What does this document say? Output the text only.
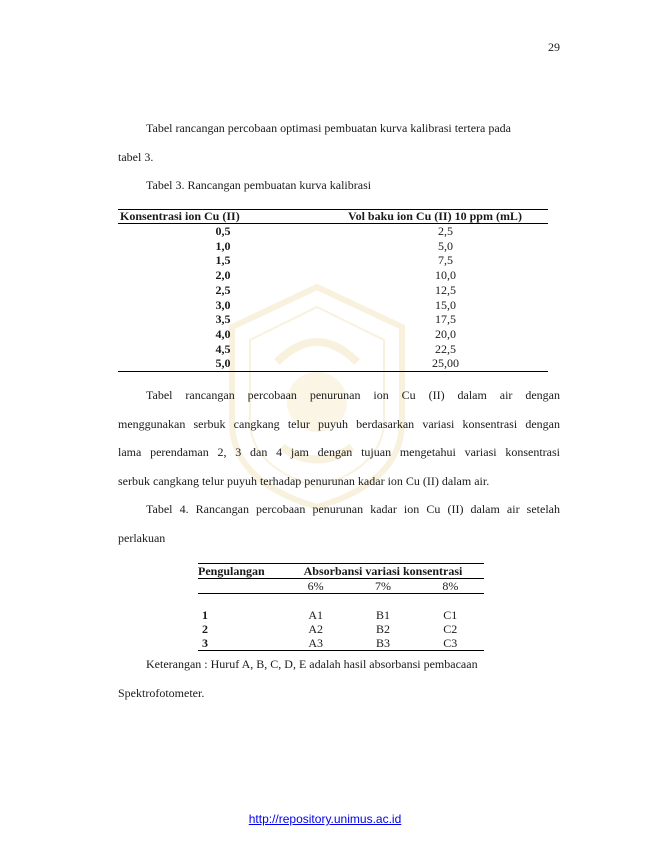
29
Tabel rancangan percobaan optimasi pembuatan kurva kalibrasi tertera pada
tabel 3.
Tabel 3. Rancangan pembuatan kurva kalibrasi
Konsentrasi ion Cu (II)	Vol baku ion Cu (II) 10 ppm (mL)
0,5	2,5
1,0	5,0
1,5	7,5
2,0	10,0
2,5	12,5
3,0	15,0
3,5	17,5
4,0	20,0
4,5	22,5
5,0	25,00
Tabel rancangan percobaan penurunan ion Cu (II) dalam air dengan
menggunakan serbuk cangkang telur puyuh berdasarkan variasi konsentrasi dengan
lama perendaman 2, 3 dan 4 jam dengan tujuan mengetahui variasi konsentrasi
serbuk cangkang telur puyuh terhadap penurunan kadar ion Cu (II) dalam air.
Tabel 4. Rancangan percobaan penurunan kadar ion Cu (II) dalam air setelah
perlakuan
Pengulangan	Absorbansi variasi konsentrasi		
	6%	7%	8%

1	A1	B1	C1
2	A2	B2	C2
3	A3	B3	C3
Keterangan : Huruf A, B, C, D, E adalah hasil absorbansi pembacaan
Spektrofotometer.
http://repository.unimus.ac.id
